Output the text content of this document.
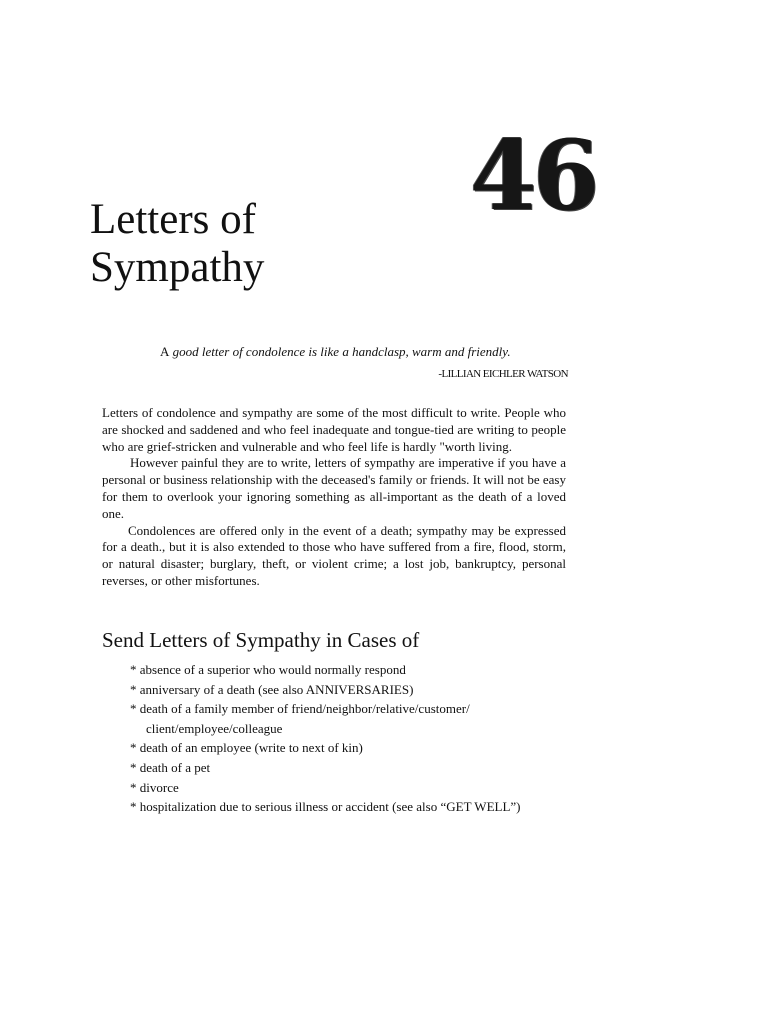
46
Letters of
Sympathy

A good letter of condolence is like a handclasp, warm and friendly.

-LILLIAN EICHLER WATSON

Letters of condolence and sympathy are some of the most difficult to write. People who are shocked and saddened and who feel inadequate and tongue-tied are writing to people who are grief-stricken and vulnerable and who feel life is hardly "worth living.

However painful they are to write, letters of sympathy are imperative if you have a personal or business relationship with the deceased's family or friends. It will not be easy for them to overlook your ignoring something as all-important as the death of a loved one.

Condolences are offered only in the event of a death; sympathy may be expressed for a death., but it is also extended to those who have suffered from a fire, flood, storm, or natural disaster; burglary, theft, or violent crime; a lost job, bankruptcy, personal reverses, or other misfortunes.

Send Letters of Sympathy in Cases of
* absence of a superior who would normally respond
* anniversary of a death (see also ANNIVERSARIES)
* death of a family member of friend/neighbor/relative/customer/
client/employee/colleague
* death of an employee (write to next of kin)
* death of a pet
* divorce
* hospitalization due to serious illness or accident (see also “GET WELL”)
